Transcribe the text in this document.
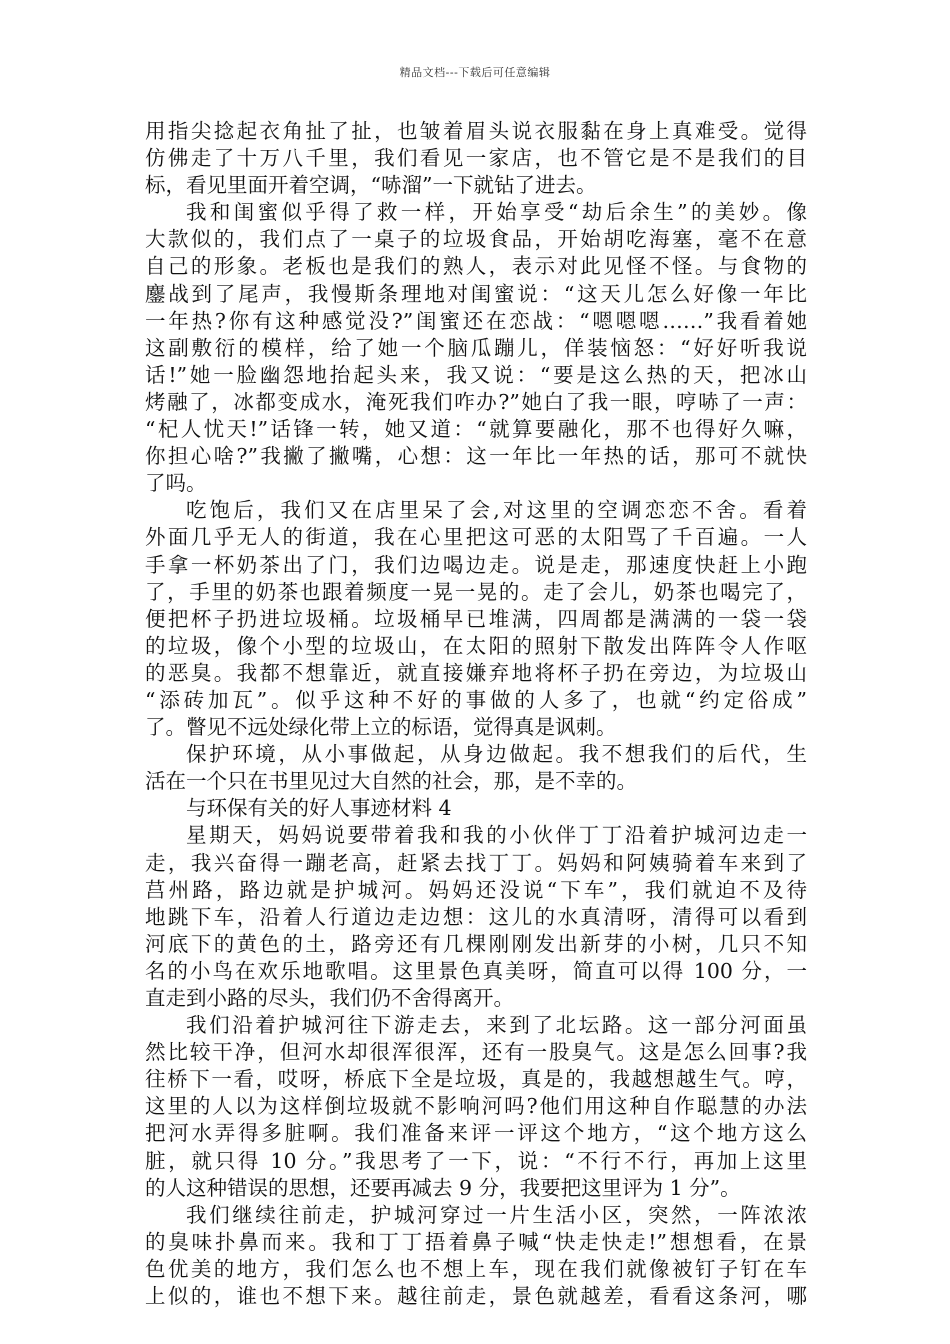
精品文档---下载后可任意编辑
用指尖捻起衣角扯了扯，也皱着眉头说衣服黏在身上真难受。觉得
仿佛走了十万八千里，我们看见一家店，也不管它是不是我们的目
标，看见里面开着空调，“哧溜”一下就钻了进去。
我和闺蜜似乎得了救一样，开始享受“劫后余生”的美妙。像
大款似的，我们点了一桌子的垃圾食品，开始胡吃海塞，毫不在意
自己的形象。老板也是我们的熟人，表示对此见怪不怪。与食物的
鏖战到了尾声，我慢斯条理地对闺蜜说：“这天儿怎么好像一年比
一年热?你有这种感觉没?”闺蜜还在恋战：“嗯嗯嗯……”我看着她
这副敷衍的模样，给了她一个脑瓜蹦儿，佯装恼怒：“好好听我说
话!”她一脸幽怨地抬起头来，我又说：“要是这么热的天，把冰山
烤融了，冰都变成水，淹死我们咋办?”她白了我一眼，哼哧了一声：
“杞人忧天!”话锋一转，她又道：“就算要融化，那不也得好久嘛，
你担心啥?”我撇了撇嘴，心想：这一年比一年热的话，那可不就快
了吗。
吃饱后，我们又在店里呆了会,对这里的空调恋恋不舍。看着
外面几乎无人的街道，我在心里把这可恶的太阳骂了千百遍。一人
手拿一杯奶茶出了门，我们边喝边走。说是走，那速度快赶上小跑
了，手里的奶茶也跟着频度一晃一晃的。走了会儿，奶茶也喝完了，
便把杯子扔进垃圾桶。垃圾桶早已堆满，四周都是满满的一袋一袋
的垃圾，像个小型的垃圾山，在太阳的照射下散发出阵阵令人作呕
的恶臭。我都不想靠近，就直接嫌弃地将杯子扔在旁边，为垃圾山
“添砖加瓦”。似乎这种不好的事做的人多了，也就“约定俗成”
了。瞥见不远处绿化带上立的标语，觉得真是讽刺。
保护环境，从小事做起，从身边做起。我不想我们的后代，生
活在一个只在书里见过大自然的社会，那，是不幸的。
与环保有关的好人事迹材料 4
星期天，妈妈说要带着我和我的小伙伴丁丁沿着护城河边走一
走，我兴奋得一蹦老高，赶紧去找丁丁。妈妈和阿姨骑着车来到了
莒州路，路边就是护城河。妈妈还没说“下车”，我们就迫不及待
地跳下车，沿着人行道边走边想：这儿的水真清呀，清得可以看到
河底下的黄色的土，路旁还有几棵刚刚发出新芽的小树，几只不知
名的小鸟在欢乐地歌唱。这里景色真美呀，简直可以得 100 分，一
直走到小路的尽头，我们仍不舍得离开。
我们沿着护城河往下游走去，来到了北坛路。这一部分河面虽
然比较干净，但河水却很浑很浑，还有一股臭气。这是怎么回事?我
往桥下一看，哎呀，桥底下全是垃圾，真是的，我越想越生气。哼，
这里的人以为这样倒垃圾就不影响河吗?他们用这种自作聪慧的办法
把河水弄得多脏啊。我们准备来评一评这个地方，“这个地方这么
脏，就只得 10 分。”我思考了一下，说：“不行不行，再加上这里
的人这种错误的思想，还要再减去 9 分，我要把这里评为 1 分”。
我们继续往前走，护城河穿过一片生活小区，突然，一阵浓浓
的臭味扑鼻而来。我和丁丁捂着鼻子喊“快走快走!”想想看，在景
色优美的地方，我们怎么也不想上车，现在我们就像被钉子钉在车
上似的，谁也不想下来。越往前走，景色就越差，看看这条河，哪
